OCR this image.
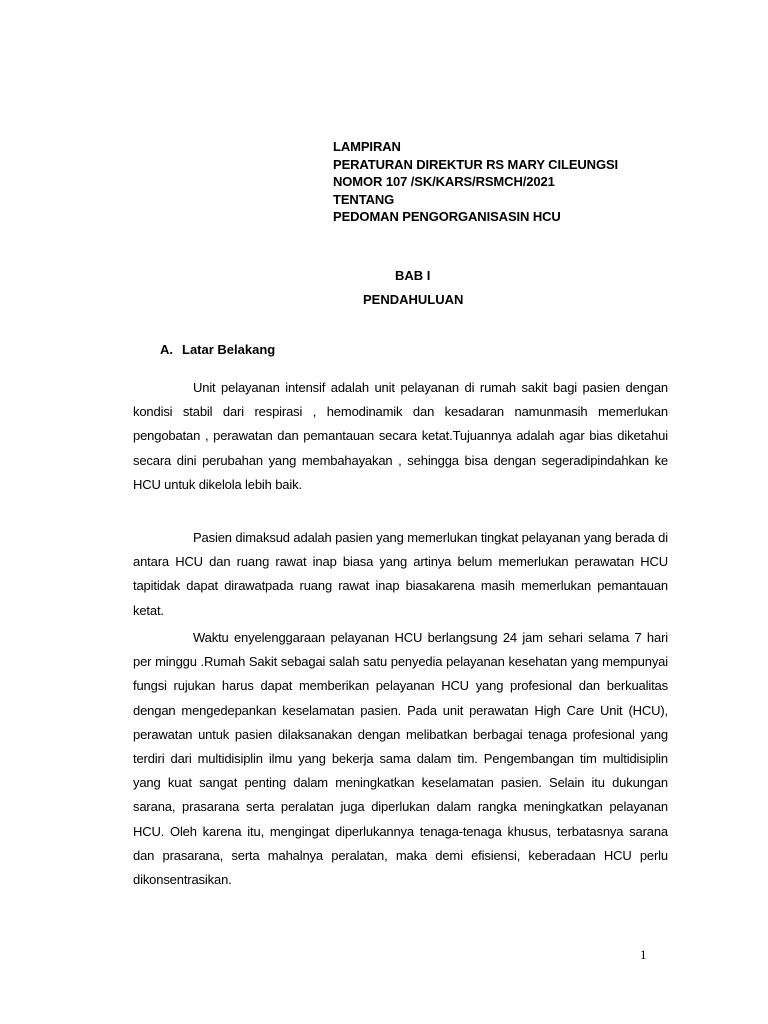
LAMPIRAN
PERATURAN DIREKTUR RS MARY CILEUNGSI
NOMOR 107 /SK/KARS/RSMCH/2021
TENTANG
PEDOMAN PENGORGANISASIN HCU
BAB I
PENDAHULUAN
A. Latar Belakang
Unit pelayanan intensif adalah unit pelayanan di rumah sakit bagi pasien dengan kondisi stabil dari respirasi , hemodinamik dan kesadaran namunmasih memerlukan pengobatan , perawatan dan pemantauan secara ketat.Tujuannya adalah agar bias diketahui secara dini perubahan yang membahayakan , sehingga bisa dengan segeradipindahkan ke HCU untuk dikelola lebih baik.
Pasien dimaksud adalah pasien yang memerlukan tingkat pelayanan yang berada di antara HCU dan ruang rawat inap biasa yang artinya belum memerlukan perawatan HCU tapitidak dapat dirawatpada ruang rawat inap biasakarena masih memerlukan pemantauan ketat.
Waktu enyelenggaraan pelayanan HCU berlangsung 24 jam sehari selama 7 hari per minggu .Rumah Sakit sebagai salah satu penyedia pelayanan kesehatan yang mempunyai fungsi rujukan harus dapat memberikan pelayanan HCU yang profesional dan berkualitas dengan mengedepankan keselamatan pasien. Pada unit perawatan High Care Unit (HCU), perawatan untuk pasien dilaksanakan dengan melibatkan berbagai tenaga profesional yang terdiri dari multidisiplin ilmu yang bekerja sama dalam tim. Pengembangan tim multidisiplin yang kuat sangat penting dalam meningkatkan keselamatan pasien. Selain itu dukungan sarana, prasarana serta peralatan juga diperlukan dalam rangka meningkatkan pelayanan HCU. Oleh karena itu, mengingat diperlukannya tenaga-tenaga khusus, terbatasnya sarana dan prasarana, serta mahalnya peralatan, maka demi efisiensi, keberadaan HCU perlu dikonsentrasikan.
1
